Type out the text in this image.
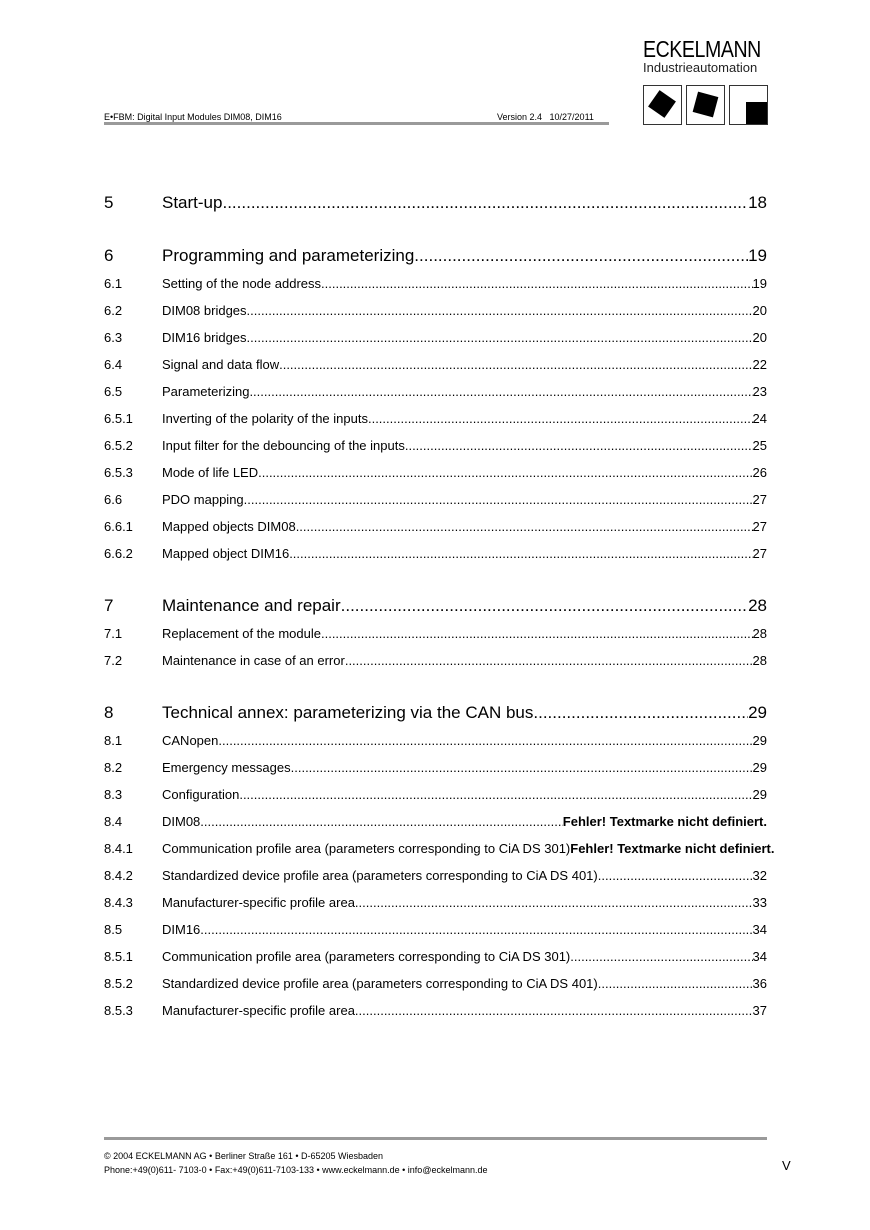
E•FBM: Digital Input Modules DIM08, DIM16	Version 2.4   10/27/2011
ECKELMANN
Industrieautomation
5	Start-up .....	18
6	Programming and parameterizing .....	19
6.1	Setting of the node address .....	19
6.2	DIM08 bridges .....	20
6.3	DIM16 bridges .....	20
6.4	Signal and data flow .....	22
6.5	Parameterizing .....	23
6.5.1	Inverting of the polarity of the inputs .....	24
6.5.2	Input filter for the debouncing of the inputs .....	25
6.5.3	Mode of life LED .....	26
6.6	PDO mapping .....	27
6.6.1	Mapped objects DIM08 .....	27
6.6.2	Mapped object DIM16 .....	27
7	Maintenance and repair .....	28
7.1	Replacement of the module .....	28
7.2	Maintenance in case of an error .....	28
8	Technical annex: parameterizing via the CAN bus .....	29
8.1	CANopen .....	29
8.2	Emergency messages .....	29
8.3	Configuration .....	29
8.4	DIM08 .....	Fehler! Textmarke nicht definiert.
8.4.1	Communication profile area (parameters corresponding to CiA DS 301) Fehler! Textmarke nicht definiert.
8.4.2	Standardized device profile area (parameters corresponding to CiA DS 401) .....	32
8.4.3	Manufacturer-specific profile area .....	33
8.5	DIM16 .....	34
8.5.1	Communication profile area (parameters corresponding to CiA DS 301) .....	34
8.5.2	Standardized device profile area (parameters corresponding to CiA DS 401) .....	36
8.5.3	Manufacturer-specific profile area .....	37
© 2004 ECKELMANN AG • Berliner Straße 161 • D-65205 Wiesbaden
Phone:+49(0)611- 7103-0 • Fax:+49(0)611-7103-133 • www.eckelmann.de • info@eckelmann.de	V
